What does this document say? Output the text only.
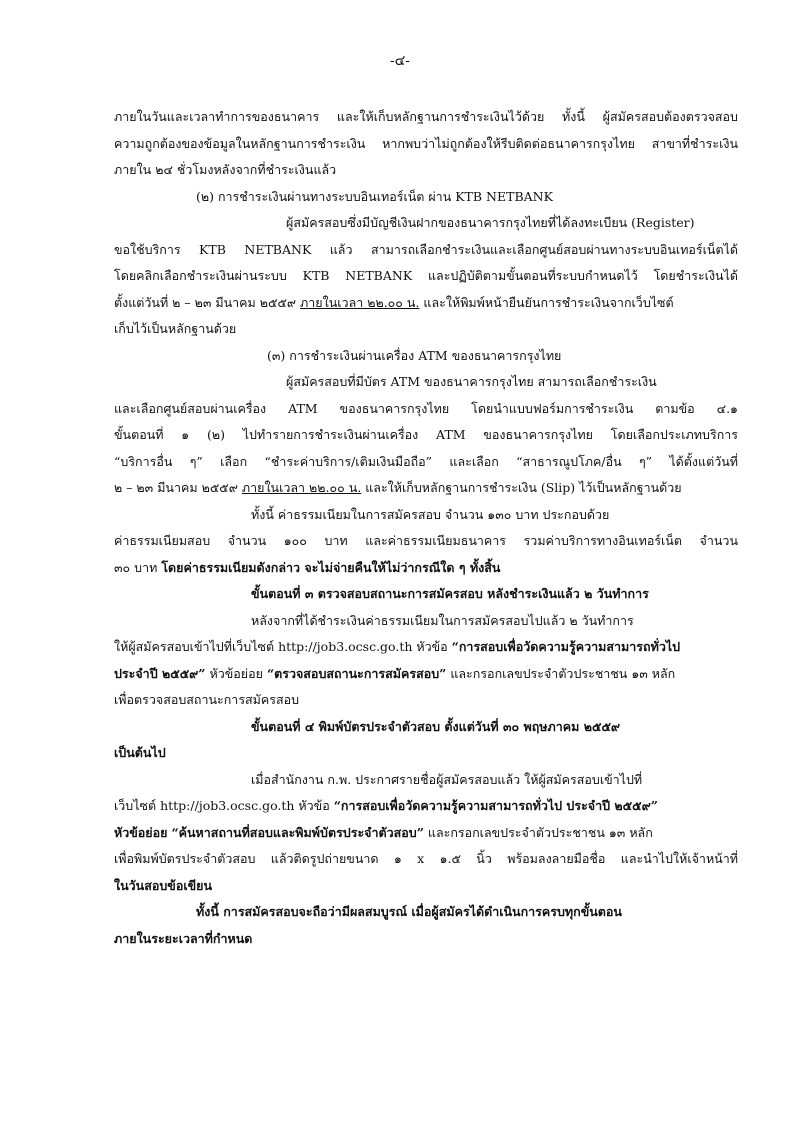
-๔-
ภายในวันและเวลาทำการของธนาคาร และให้เก็บหลักฐานการชำระเงินไว้ด้วย ทั้งนี้ ผู้สมัครสอบต้องตรวจสอบ
ความถูกต้องของข้อมูลในหลักฐานการชำระเงิน หากพบว่าไม่ถูกต้องให้รีบติดต่อธนาคารกรุงไทย สาขาที่ชำระเงิน
ภายใน ๒๔ ชั่วโมงหลังจากที่ชำระเงินแล้ว
(๒) การชำระเงินผ่านทางระบบอินเทอร์เน็ต ผ่าน KTB NETBANK
ผู้สมัครสอบซึ่งมีบัญชีเงินฝากของธนาคารกรุงไทยที่ได้ลงทะเบียน (Register)
ขอใช้บริการ KTB NETBANK แล้ว สามารถเลือกชำระเงินและเลือกศูนย์สอบผ่านทางระบบอินเทอร์เน็ตได้
โดยคลิกเลือกชำระเงินผ่านระบบ KTB NETBANK และปฏิบัติตามขั้นตอนที่ระบบกำหนดไว้ โดยชำระเงินได้
ตั้งแต่วันที่ ๒ – ๒๓ มีนาคม ๒๕๕๙ ภายในเวลา ๒๒.๐๐ น. และให้พิมพ์หน้ายืนยันการชำระเงินจากเว็บไซต์
เก็บไว้เป็นหลักฐานด้วย
(๓) การชำระเงินผ่านเครื่อง ATM ของธนาคารกรุงไทย
ผู้สมัครสอบที่มีบัตร ATM ของธนาคารกรุงไทย สามารถเลือกชำระเงิน
และเลือกศูนย์สอบผ่านเครื่อง ATM ของธนาคารกรุงไทย โดยนำแบบฟอร์มการชำระเงิน ตามข้อ ๔.๑
ขั้นตอนที่ ๑ (๒) ไปทำรายการชำระเงินผ่านเครื่อง ATM ของธนาคารกรุงไทย โดยเลือกประเภทบริการ
“บริการอื่น ๆ” เลือก “ชำระค่าบริการ/เติมเงินมือถือ” และเลือก “สาธารณูปโภค/อื่น ๆ” ได้ตั้งแต่วันที่
๒ – ๒๓ มีนาคม ๒๕๕๙ ภายในเวลา ๒๒.๐๐ น. และให้เก็บหลักฐานการชำระเงิน (Slip) ไว้เป็นหลักฐานด้วย
ทั้งนี้ ค่าธรรมเนียมในการสมัครสอบ จำนวน ๑๓๐ บาท ประกอบด้วย
ค่าธรรมเนียมสอบ จำนวน ๑๐๐ บาท และค่าธรรมเนียมธนาคาร รวมค่าบริการทางอินเทอร์เน็ต จำนวน
๓๐ บาท โดยค่าธรรมเนียมดังกล่าว จะไม่จ่ายคืนให้ไม่ว่ากรณีใด ๆ ทั้งสิ้น
ขั้นตอนที่ ๓ ตรวจสอบสถานะการสมัครสอบ หลังชำระเงินแล้ว ๒ วันทำการ
หลังจากที่ได้ชำระเงินค่าธรรมเนียมในการสมัครสอบไปแล้ว ๒ วันทำการ
ให้ผู้สมัครสอบเข้าไปที่เว็บไซต์ http://job3.ocsc.go.th หัวข้อ “การสอบเพื่อวัดความรู้ความสามารถทั่วไป
ประจำปี ๒๕๕๙” หัวข้อย่อย “ตรวจสอบสถานะการสมัครสอบ” และกรอกเลขประจำตัวประชาชน ๑๓ หลัก
เพื่อตรวจสอบสถานะการสมัครสอบ
ขั้นตอนที่ ๔ พิมพ์บัตรประจำตัวสอบ ตั้งแต่วันที่ ๓๐ พฤษภาคม ๒๕๕๙
เป็นต้นไป
เมื่อสำนักงาน ก.พ. ประกาศรายชื่อผู้สมัครสอบแล้ว ให้ผู้สมัครสอบเข้าไปที่
เว็บไซต์ http://job3.ocsc.go.th หัวข้อ “การสอบเพื่อวัดความรู้ความสามารถทั่วไป ประจำปี ๒๕๕๙”
หัวข้อย่อย “ค้นหาสถานที่สอบและพิมพ์บัตรประจำตัวสอบ” และกรอกเลขประจำตัวประชาชน ๑๓ หลัก
เพื่อพิมพ์บัตรประจำตัวสอบ แล้วติดรูปถ่ายขนาด ๑ x ๑.๕ นิ้ว พร้อมลงลายมือชื่อ และนำไปให้เจ้าหน้าที่
ในวันสอบข้อเขียน
ทั้งนี้ การสมัครสอบจะถือว่ามีผลสมบูรณ์ เมื่อผู้สมัครได้ดำเนินการครบทุกขั้นตอน
ภายในระยะเวลาที่กำหนด
